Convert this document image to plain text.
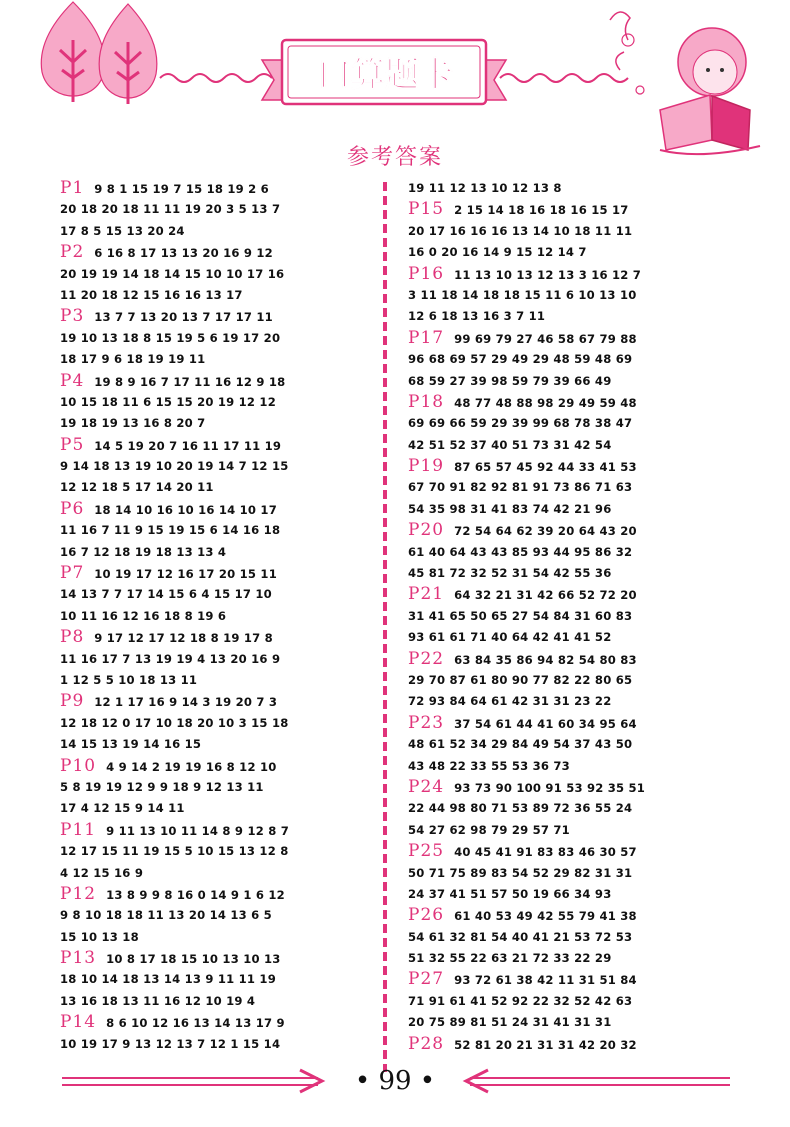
口算题卡
参考答案
P1 9 8 1 15 19 7 15 18 19 2 6
20 18 20 18 11 11 19 20 3 5 13 7
17 8 5 15 13 20 24
P2 6 16 8 17 13 13 20 16 9 12
20 19 19 14 18 14 15 10 10 17 16
11 20 18 12 15 16 16 13 17
P3 13 7 7 13 20 13 7 17 17 11
19 10 13 18 8 15 19 5 6 19 17 20
18 17 9 6 18 19 19 11
P4 19 8 9 16 7 17 11 16 12 9 18
10 15 18 11 6 15 15 20 19 12 12
19 18 19 13 16 8 20 7
P5 14 5 19 20 7 16 11 17 11 19
9 14 18 13 19 10 20 19 14 7 12 15
12 12 18 5 17 14 20 11
P6 18 14 10 16 10 16 14 10 17
11 16 7 11 9 15 19 15 6 14 16 18
16 7 12 18 19 18 13 13 4
P7 10 19 17 12 16 17 20 15 11
14 13 7 7 17 14 15 6 4 15 17 10
10 11 16 12 16 18 8 19 6
P8 9 17 12 17 12 18 8 19 17 8
11 16 17 7 13 19 19 4 13 20 16 9
1 12 5 5 10 18 13 11
P9 12 1 17 16 9 14 3 19 20 7 3
12 18 12 0 17 10 18 20 10 3 15 18
14 15 13 19 14 16 15
P10 4 9 14 2 19 19 16 8 12 10
5 8 19 19 12 9 9 18 9 12 13 11
17 4 12 15 9 14 11
P11 9 11 13 10 11 14 8 9 12 8 7
12 17 15 11 19 15 5 10 15 13 12 8
4 12 15 16 9
P12 13 8 9 9 8 16 0 14 9 1 6 12
9 8 10 18 18 11 13 20 14 13 6 5
15 10 13 18
P13 10 8 17 18 15 10 13 10 13
18 10 14 18 13 14 13 9 11 11 19
13 16 18 13 11 16 12 10 19 4
P14 8 6 10 12 16 13 14 13 17 9
10 19 17 9 13 12 13 7 12 1 15 14
19 11 12 13 10 12 13 8
P15 2 15 14 18 16 18 16 15 17
20 17 16 16 16 13 14 10 18 11 11
16 0 20 16 14 9 15 12 14 7
P16 11 13 10 13 12 13 3 16 12 7
3 11 18 14 18 18 15 11 6 10 13 10
12 6 18 13 16 3 7 11
P17 99 69 79 27 46 58 67 79 88
96 68 69 57 29 49 29 48 59 48 69
68 59 27 39 98 59 79 39 66 49
P18 48 77 48 88 98 29 49 59 48
69 69 66 59 29 39 99 68 78 38 47
42 51 52 37 40 51 73 31 42 54
P19 87 65 57 45 92 44 33 41 53
67 70 91 82 92 81 91 73 86 71 63
54 35 98 31 41 83 74 42 21 96
P20 72 54 64 62 39 20 64 43 20
61 40 64 43 43 85 93 44 95 86 32
45 81 72 32 52 31 54 42 55 36
P21 64 32 21 31 42 66 52 72 20
31 41 65 50 65 27 54 84 31 60 83
93 61 61 71 40 64 42 41 41 52
P22 63 84 35 86 94 82 54 80 83
29 70 87 61 80 90 77 82 22 80 65
72 93 84 64 61 42 31 31 23 22
P23 37 54 61 44 41 60 34 95 64
48 61 52 34 29 84 49 54 37 43 50
43 48 22 33 55 53 36 73
P24 93 73 90 100 91 53 92 35 51
22 44 98 80 71 53 89 72 36 55 24
54 27 62 98 79 29 57 71
P25 40 45 41 91 83 83 46 30 57
50 71 75 89 83 54 52 29 82 31 31
24 37 41 51 57 50 19 66 34 93
P26 61 40 53 49 42 55 79 41 38
54 61 32 81 54 40 41 21 53 72 53
51 32 55 22 63 21 72 33 22 29
P27 93 72 61 38 42 11 31 51 84
71 91 61 41 52 92 22 32 52 42 63
20 75 89 81 51 24 31 41 31 31
P28 52 81 20 21 31 31 42 20 32
• 99 •
